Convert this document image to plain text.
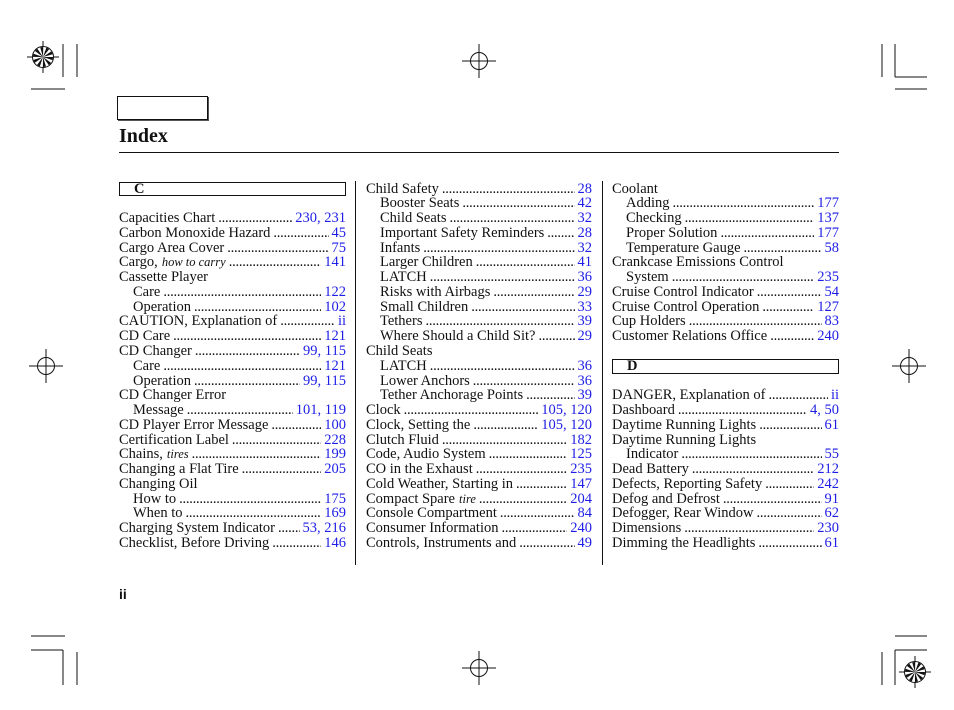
Index
C
Capacities Chart .....	230, 231
Carbon Monoxide Hazard .....	45
Cargo Area Cover .....	75
Cargo, how to carry .....	141
Cassette Player
Care .....	122
Operation .....	102
CAUTION, Explanation of .....	ii
CD Care .....	121
CD Changer .....	99, 115
Care .....	121
Operation .....	99, 115
CD Changer Error
Message .....	101, 119
CD Player Error Message .....	100
Certification Label .....	228
Chains, tires .....	199
Changing a Flat Tire .....	205
Changing Oil
How to .....	175
When to .....	169
Charging System Indicator ..... 53, 216
Checklist, Before Driving .....	146
Child Safety .....	28
Booster Seats .....	42
Child Seats .....	32
Important Safety Reminders ..... 28
Infants .....	32
Larger Children .....	41
LATCH .....	36
Risks with Airbags .....	29
Small Children .....	33
Tethers .....	39
Where Should a Child Sit? .....	29
Child Seats
LATCH .....	36
Lower Anchors .....	36
Tether Anchorage Points .....	39
Clock .....	105, 120
Clock, Setting the .....	105, 120
Clutch Fluid .....	182
Code, Audio System .....	125
CO in the Exhaust .....	235
Cold Weather, Starting in .....	147
Compact Spare tire .....	204
Console Compartment .....	84
Consumer Information .....	240
Controls, Instruments and .....	49
Coolant
Adding .....	177
Checking .....	137
Proper Solution .....	177
Temperature Gauge .....	58
Crankcase Emissions Control
System .....	235
Cruise Control Indicator .....	54
Cruise Control Operation .....	127
Cup Holders .....	83
Customer Relations Office .....	240
D
DANGER, Explanation of .....	ii
Dashboard .....	4, 50
Daytime Running Lights .....	61
Daytime Running Lights
Indicator .....	55
Dead Battery .....	212
Defects, Reporting Safety .....	242
Defog and Defrost .....	91
Defogger, Rear Window .....	62
Dimensions .....	230
Dimming the Headlights .....	61
ii
